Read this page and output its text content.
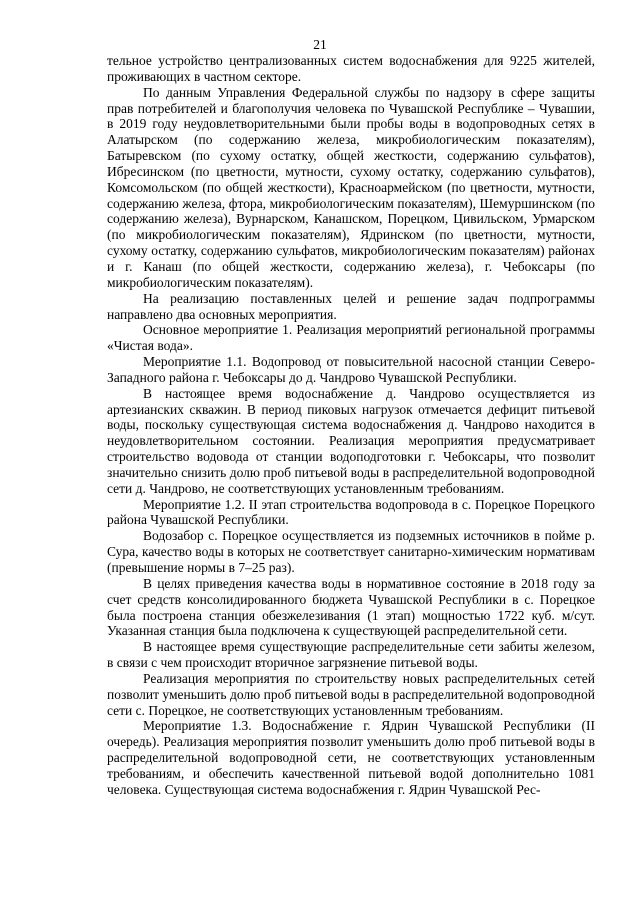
21

тельное устройство централизованных систем водоснабжения для 9225 жителей, проживающих в частном секторе.

По данным Управления Федеральной службы по надзору в сфере защиты прав потребителей и благополучия человека по Чувашской Республике – Чувашии, в 2019 году неудовлетворительными были пробы воды в водопроводных сетях в Алатырском (по содержанию железа, микробиологическим показателям), Батыревском (по сухому остатку, общей жесткости, содержанию сульфатов), Ибресинском (по цветности, мутности, сухому остатку, содержанию сульфатов), Комсомольском (по общей жесткости), Красноармейском (по цветности, мутности, содержанию железа, фтора, микробиологическим показателям), Шемуршинском (по содержанию железа), Вурнарском, Канашском, Порецком, Цивильском, Урмарском (по микробиологическим показателям), Ядринском (по цветности, мутности, сухому остатку, содержанию сульфатов, микробиологическим показателям) районах и г. Канаш (по общей жесткости, содержанию железа), г. Чебоксары (по микробиологическим показателям).

На реализацию поставленных целей и решение задач подпрограммы направлено два основных мероприятия.

Основное мероприятие 1. Реализация мероприятий региональной программы «Чистая вода».

Мероприятие 1.1. Водопровод от повысительной насосной станции Северо-Западного района г. Чебоксары до д. Чандрово Чувашской Республики.

В настоящее время водоснабжение д. Чандрово осуществляется из артезианских скважин. В период пиковых нагрузок отмечается дефицит питьевой воды, поскольку существующая система водоснабжения д. Чандрово находится в неудовлетворительном состоянии. Реализация мероприятия предусматривает строительство водовода от станции водоподготовки г. Чебоксары, что позволит значительно снизить долю проб питьевой воды в распределительной водопроводной сети д. Чандрово, не соответствующих установленным требованиям.

Мероприятие 1.2. II этап строительства водопровода в с. Порецкое Порецкого района Чувашской Республики.

Водозабор с. Порецкое осуществляется из подземных источников в пойме р. Сура, качество воды в которых не соответствует санитарно-химическим нормативам (превышение нормы в 7–25 раз).

В целях приведения качества воды в нормативное состояние в 2018 году за счет средств консолидированного бюджета Чувашской Республики в с. Порецкое была построена станция обезжелезивания (1 этап) мощностью 1722 куб. м/сут. Указанная станция была подключена к существующей распределительной сети.

В настоящее время существующие распределительные сети забиты железом, в связи с чем происходит вторичное загрязнение питьевой воды.

Реализация мероприятия по строительству новых распределительных сетей позволит уменьшить долю проб питьевой воды в распределительной водопроводной сети с. Порецкое, не соответствующих установленным требованиям.

Мероприятие 1.3. Водоснабжение г. Ядрин Чувашской Республики (II очередь). Реализация мероприятия позволит уменьшить долю проб питьевой воды в распределительной водопроводной сети, не соответствующих установленным требованиям, и обеспечить качественной питьевой водой дополнительно 1081 человека. Существующая система водоснабжения г. Ядрин Чувашской Рес-
